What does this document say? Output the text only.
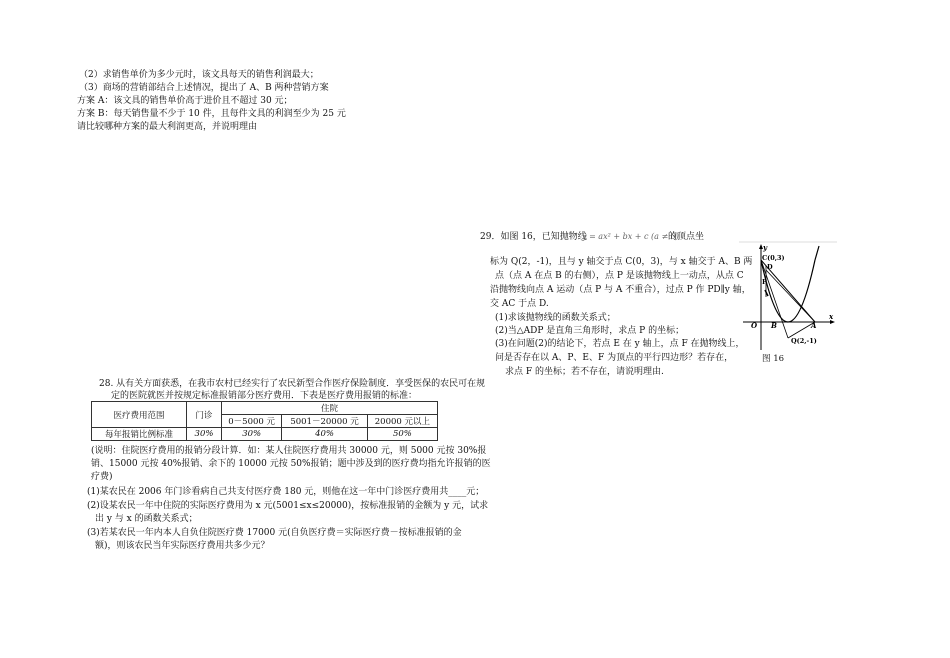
（2）求销售单价为多少元时，该文具每天的销售利润最大；
（3）商场的营销部结合上述情况，提出了 A、B 两种营销方案
方案 A：该文具的销售单价高于进价且不超过 30 元；
方案 B：每天销售量不少于 10 件，且每件文具的利润至少为 25 元
请比较哪种方案的最大利润更高，并说明理由
29．如图 16，已知抛物线
y = ax² + bx + c (a ≠ 0)
的顶点坐
标为 Q(2，-1)，且与 y 轴交于点 C(0，3)，与 x 轴交于 A、B 两
点（点 A 在点 B 的右侧），点 P 是该抛物线上一动点，从点 C
沿抛物线向点 A 运动（点 P 与 A 不重合），过点 P 作 PD∥y 轴，
交 AC 于点 D.
(1)求该抛物线的函数关系式；
(2)当△ADP 是直角三角形时，求点 P 的坐标；
(3)在问题(2)的结论下，若点 E 在 y 轴上，点 F 在抛物线上，
问是否存在以 A、P、E、F 为顶点的平行四边形？若存在，
求点 F 的坐标；若不存在，请说明理由.
y
x
C(0,3)
D
P
O B	A
Q(2,-1)
图 16
28. 从有关方面获悉，在我市农村已经实行了农民新型合作医疗保险制度．享受医保的农民可在规
定的医院就医并按规定标准报销部分医疗费用．下表是医疗费用报销的标准：
医疗费用范围	门诊	住院		
		0－5000 元	5001－20000 元	20000 元以上
每年报销比例标准	30%	30%	40%	50%
(说明：住院医疗费用的报销分段计算．如：某人住院医疗费用共 30000 元，则 5000 元按 30%报
销、15000 元按 40%报销、余下的 10000 元按 50%报销；题中涉及到的医疗费均指允许报销的医
疗费)
(1)某农民在 2006 年门诊看病自己共支付医疗费 180 元，则他在这一年中门诊医疗费用共____元；
(2)设某农民一年中住院的实际医疗费用为 x 元(5001≤x≤20000)，按标准报销的金额为 y 元，试求
出 y 与 x 的函数关系式；
(3)若某农民一年内本人自负住院医疗费 17000 元(自负医疗费＝实际医疗费－按标准报销的金
额)，则该农民当年实际医疗费用共多少元？
